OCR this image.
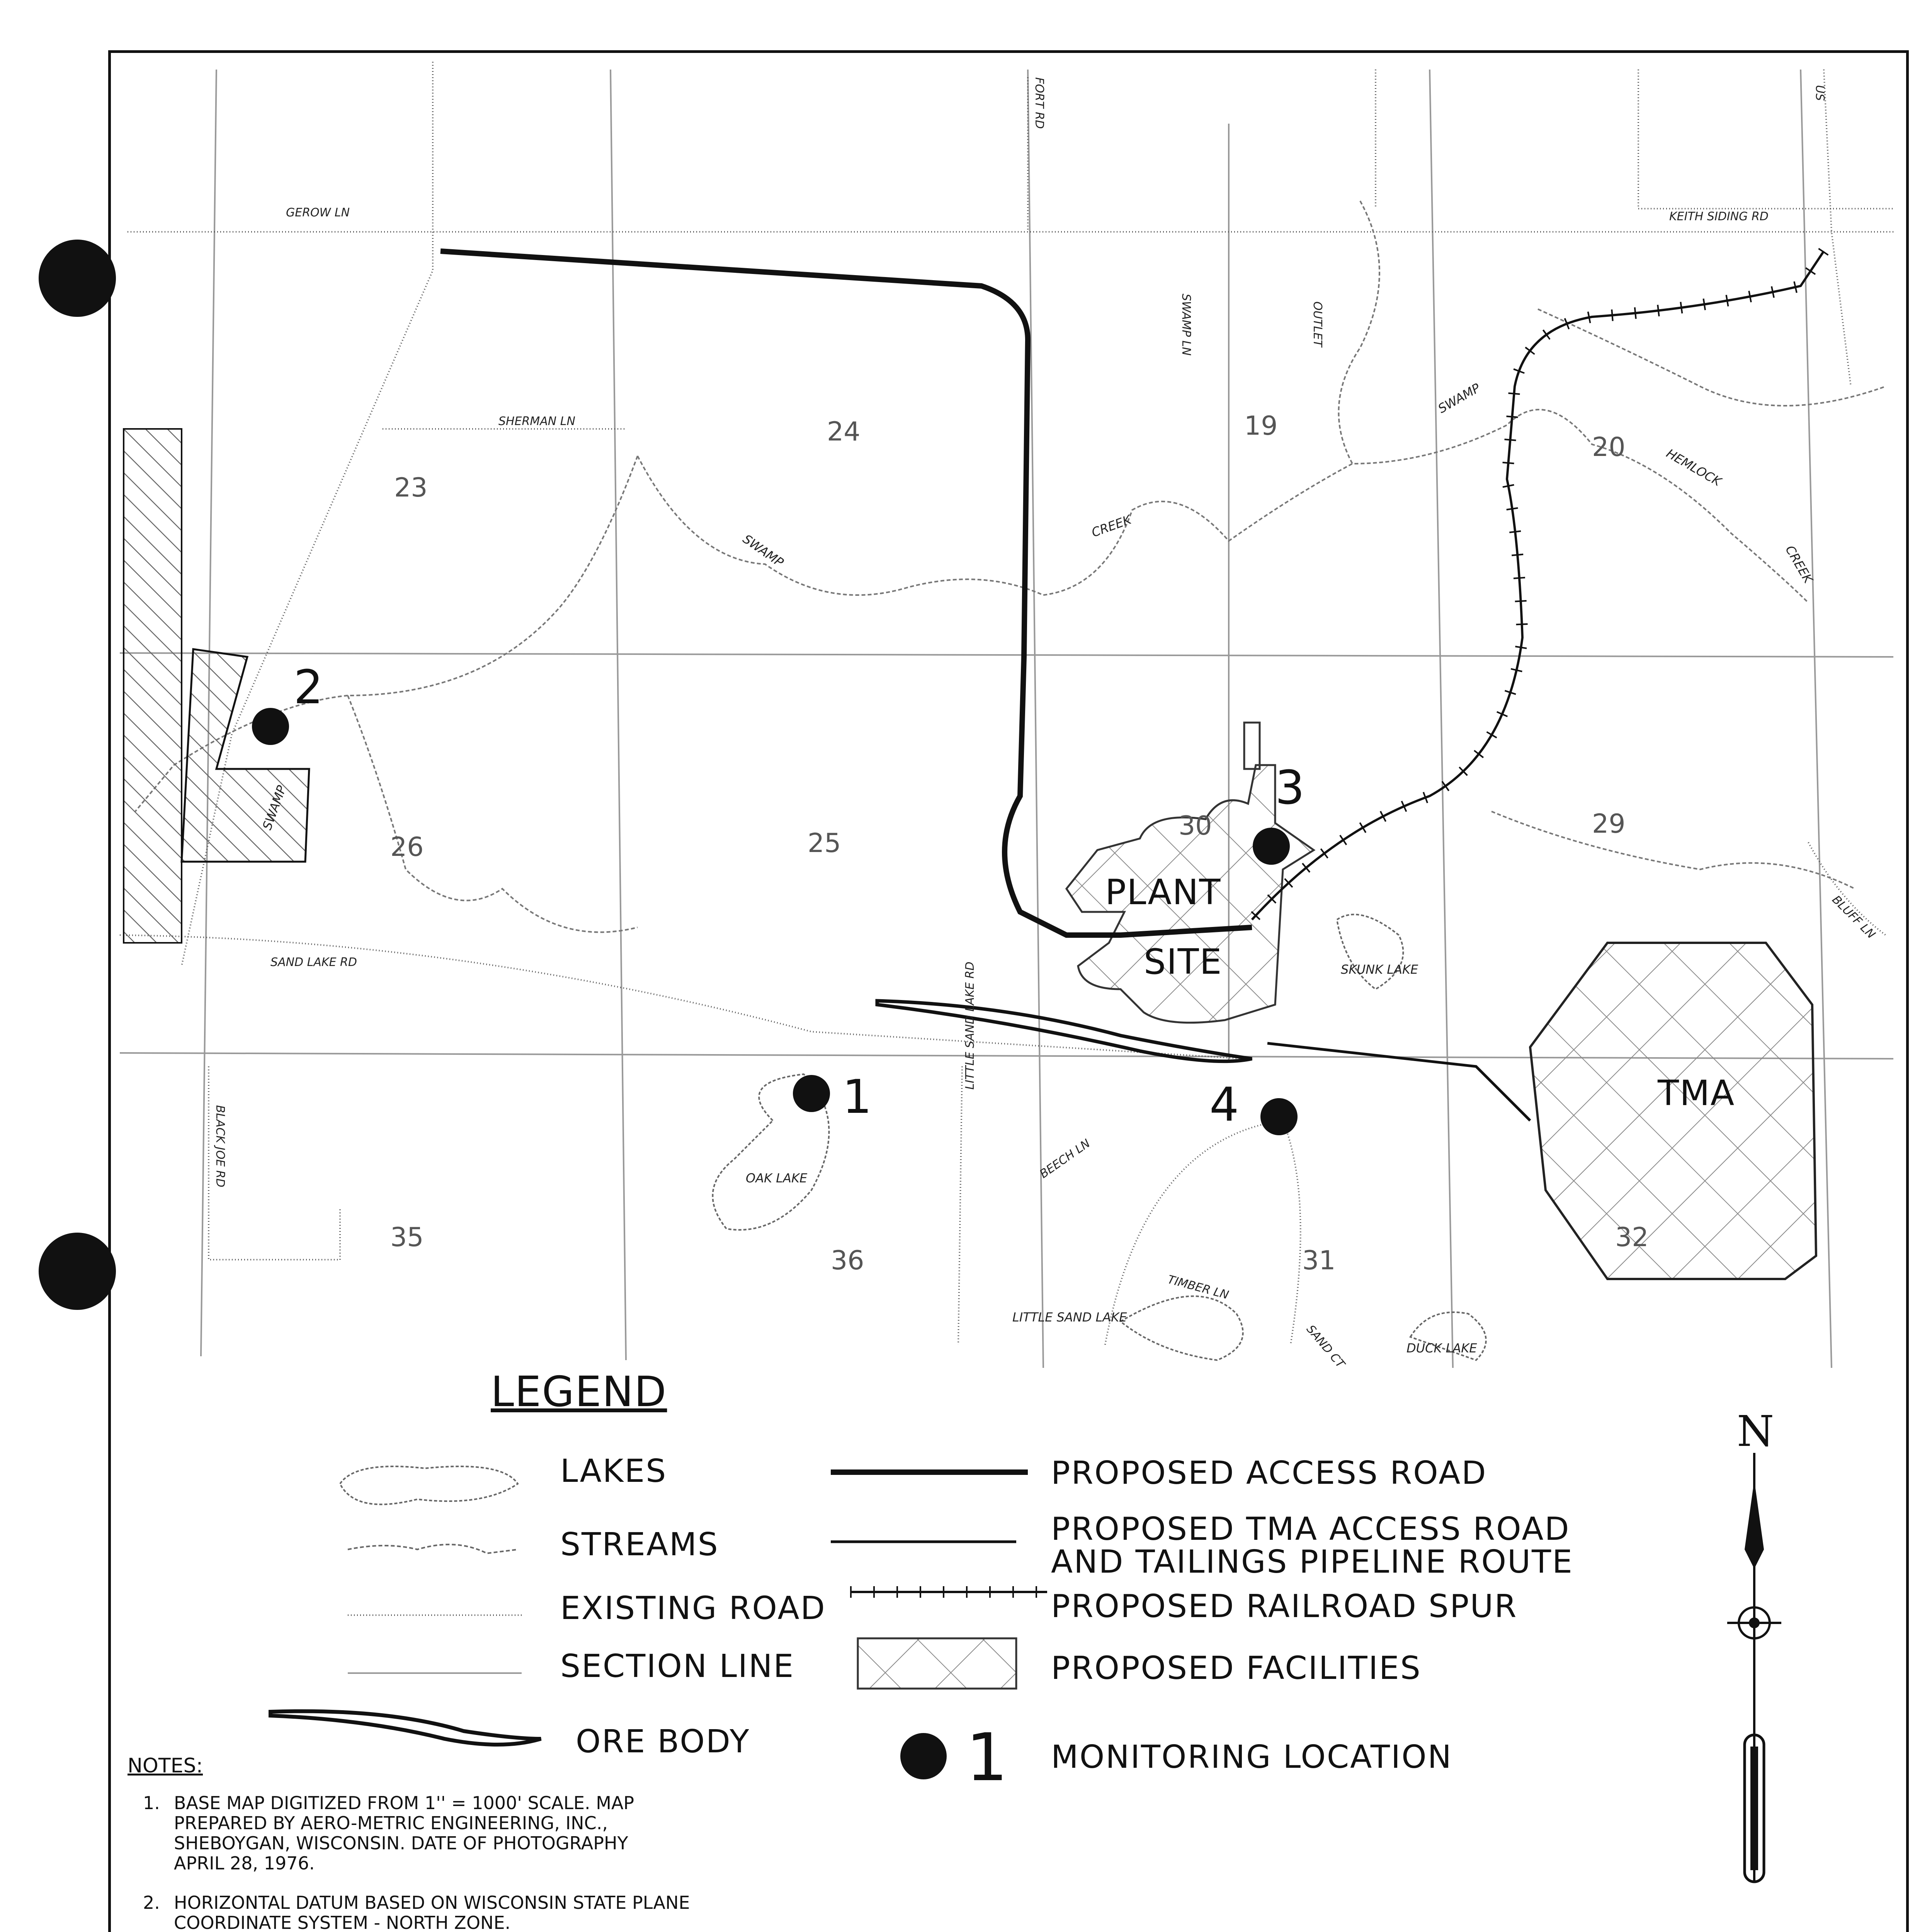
23
24	19
20
26	25
30	29
35
36	31
32
GEROW LN
SHERMAN LN
SAND LAKE RD
KEITH SIDING RD
SWAMP LN
FORT RD
BLACK JOE RD
LITTLE SAND LAKE RD
BEECH LN
TIMBER LN
SAND CT
BLUFF LN
OUTLET
US
SWAMP
SWAMP
SWAMP
CREEK
CREEK
HEMLOCK
OAK LAKE
SKUNK LAKE
LITTLE SAND LAKE
DUCK LAKE
PLANT
SITE
TMA
1
2
3
4
LEGEND
LAKES
STREAMS
EXISTING ROAD
SECTION LINE
ORE BODY
PROPOSED ACCESS ROAD
PROPOSED TMA ACCESS ROAD
AND TAILINGS PIPELINE ROUTE
PROPOSED RAILROAD SPUR
PROPOSED FACILITIES
1 MONITORING LOCATION
N
NOTES:
1. BASE MAP DIGITIZED FROM 1'' = 1000' SCALE. MAP
PREPARED BY AERO-METRIC ENGINEERING, INC.,
SHEBOYGAN, WISCONSIN. DATE OF PHOTOGRAPHY
APRIL 28, 1976.
2. HORIZONTAL DATUM BASED ON WISCONSIN STATE PLANE
COORDINATE SYSTEM - NORTH ZONE.
